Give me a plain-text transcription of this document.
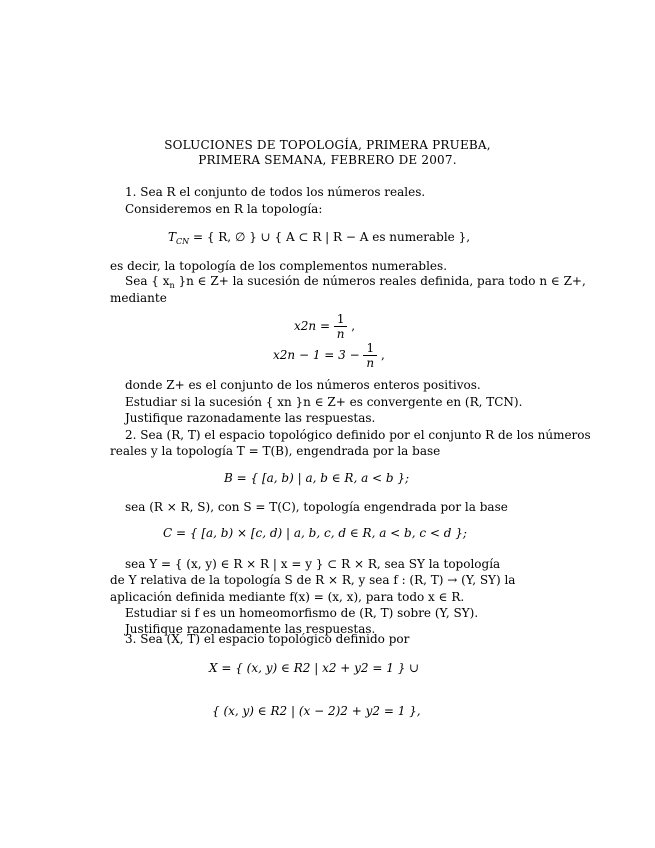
SOLUCIONES DE TOPOLOGÍA, PRIMERA PRUEBA,
PRIMERA SEMANA, FEBRERO DE 2007.
1. Sea R el conjunto de todos los números reales.
Consideremos en R la topología:
$T_{CN}$ = { R, ∅ } ∪ { A ⊂ R | R − A es numerable },
es decir, la topología de los complementos numerables.
Sea { $x_n$ }n ∈ Z+ la sucesión de números reales definida, para todo n ∈ Z+,
mediante
$x2n = \frac{1}{n}$ ,
$x2n - 1 = 3 - \frac{1}{n}$ ,
donde Z+ es el conjunto de los números enteros positivos.
Estudiar si la sucesión { xn }n ∈ Z+ es convergente en (R, TCN).
Justifique razonadamente las respuestas.
2. Sea (R, T) el espacio topológico definido por el conjunto R de los números
reales y la topología T = T(B), engendrada por la base
B = { [a, b) | a, b ∈ R, a < b };
sea (R × R, S), con S = T(C), topología engendrada por la base
C = { [a, b) × [c, d) | a, b, c, d ∈ R, a < b, c < d };
sea Y = { (x, y) ∈ R × R | x = y } ⊂ R × R, sea SY la topología
de Y relativa de la topología S de R × R, y sea f : (R, T) → (Y, SY) la
aplicación definida mediante f(x) = (x, x), para todo x ∈ R.
Estudiar si f es un homeomorfismo de (R, T) sobre (Y, SY).
Justifique razonadamente las respuestas.
3. Sea (X, T) el espacio topológico definido por
X = { (x, y) ∈ R2 | x2 + y2 = 1 } ∪
{ (x, y) ∈ R2 | (x − 2)2 + y2 = 1 },
